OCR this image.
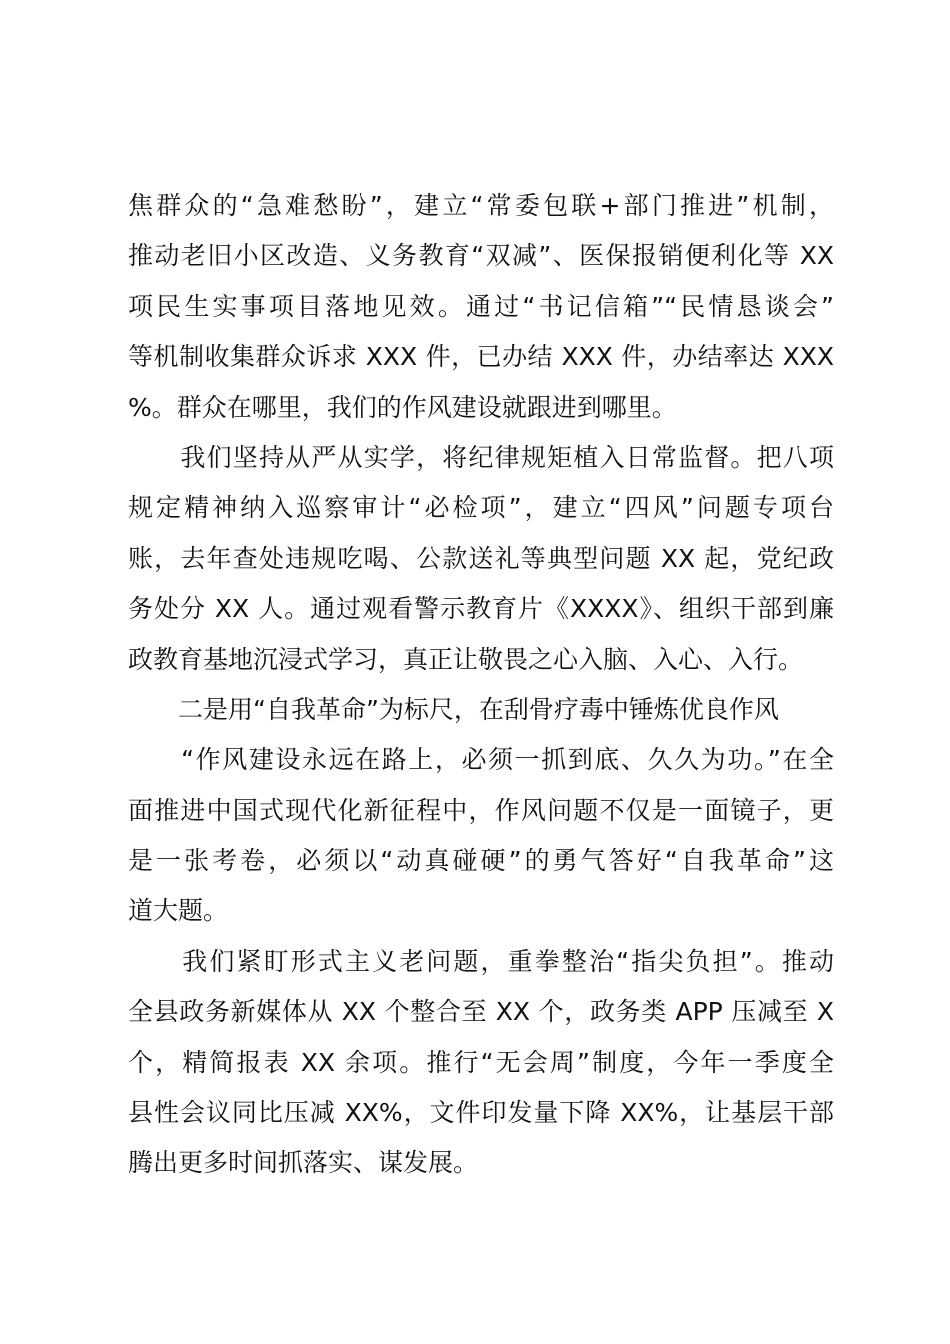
焦群众的“急难愁盼”，建立“常委包联+部门推进”机制，
推动老旧小区改造、义务教育“双减”、医保报销便利化等 XX
项民生实事项目落地见效。通过“书记信箱”“民情恳谈会”
等机制收集群众诉求 XXX 件，已办结 XXX 件，办结率达 XXX
%。群众在哪里，我们的作风建设就跟进到哪里。
　　我们坚持从严从实学，将纪律规矩植入日常监督。把八项
规定精神纳入巡察审计“必检项”，建立“四风”问题专项台
账，去年查处违规吃喝、公款送礼等典型问题 XX 起，党纪政
务处分 XX 人。通过观看警示教育片《XXXX》、组织干部到廉
政教育基地沉浸式学习，真正让敬畏之心入脑、入心、入行。
　　二是用“自我革命”为标尺，在刮骨疗毒中锤炼优良作风
　　“作风建设永远在路上，必须一抓到底、久久为功。”在全
面推进中国式现代化新征程中，作风问题不仅是一面镜子，更
是一张考卷，必须以“动真碰硬”的勇气答好“自我革命”这
道大题。
　　我们紧盯形式主义老问题，重拳整治“指尖负担”。推动
全县政务新媒体从 XX 个整合至 XX 个，政务类 APP 压减至 X
个，精简报表 XX 余项。推行“无会周”制度，今年一季度全
县性会议同比压减 XX%，文件印发量下降 XX%，让基层干部
腾出更多时间抓落实、谋发展。
